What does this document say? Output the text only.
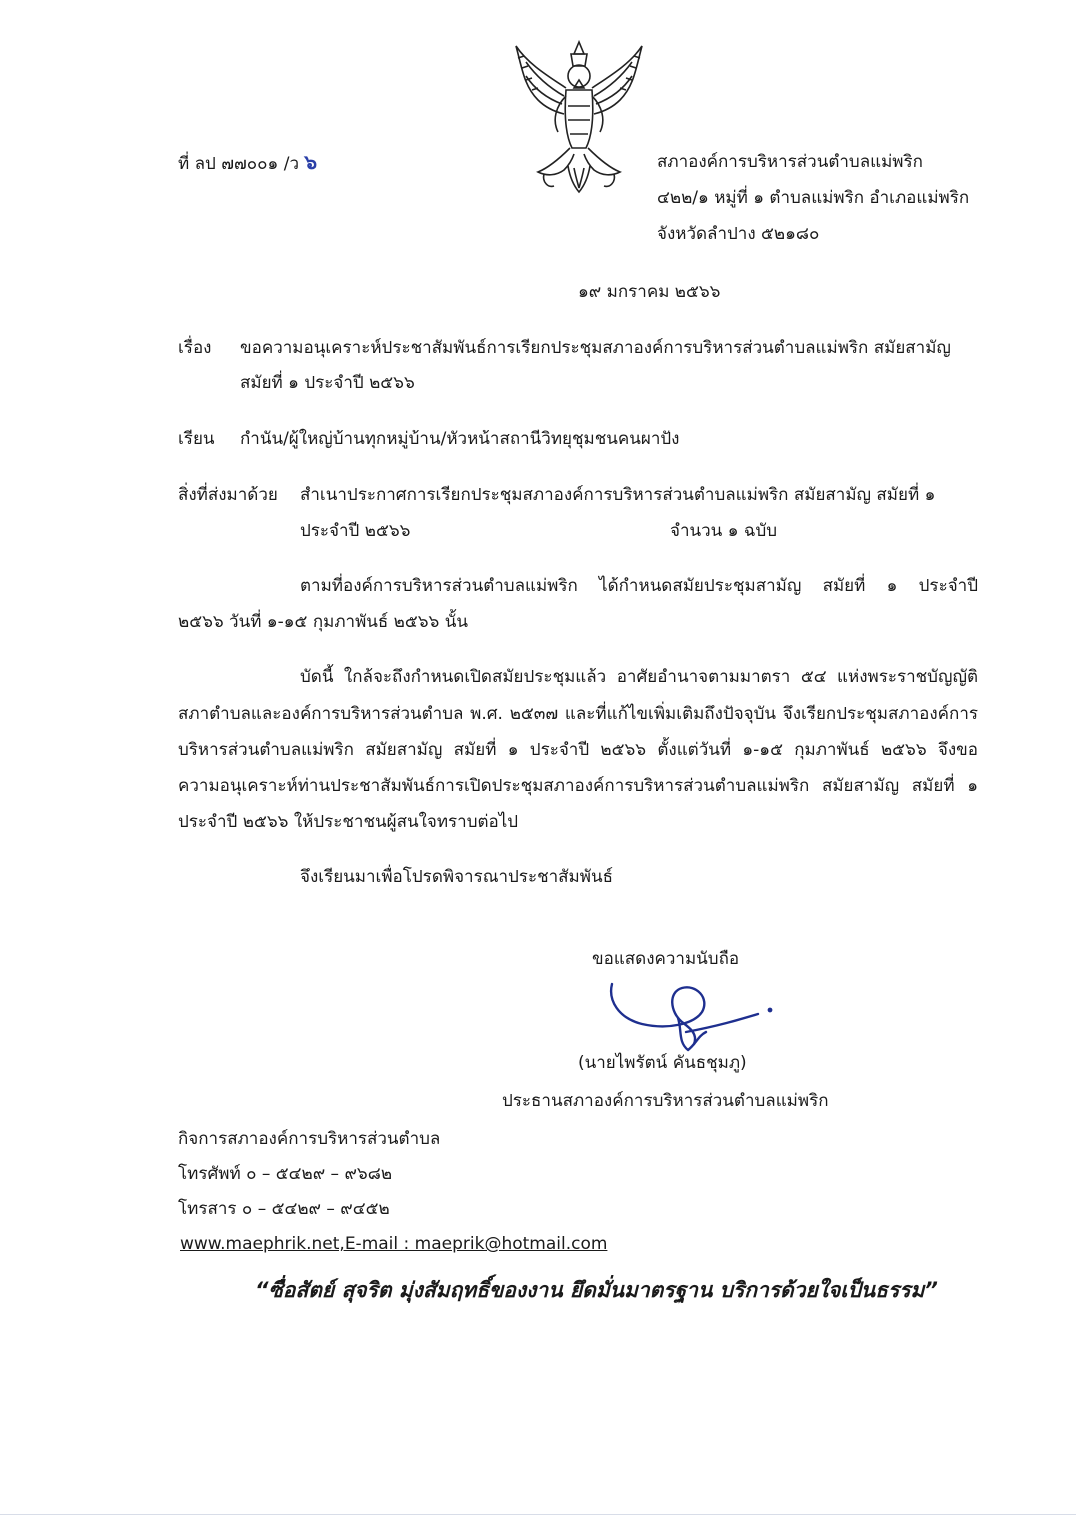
ที่ ลป ๗๗๐๐๑ /ว ๖	สภาองค์การบริหารส่วนตำบลแม่พริก
๔๒๒/๑ หมู่ที่ ๑ ตำบลแม่พริก อำเภอแม่พริก
จังหวัดลำปาง ๕๒๑๘๐
๑๙ มกราคม ๒๕๖๖
เรื่อง ขอความอนุเคราะห์ประชาสัมพันธ์การเรียกประชุมสภาองค์การบริหารส่วนตำบลแม่พริก สมัยสามัญ
สมัยที่ ๑ ประจำปี ๒๕๖๖
เรียน กำนัน/ผู้ใหญ่บ้านทุกหมู่บ้าน/หัวหน้าสถานีวิทยุชุมชนคนผาปัง
สิ่งที่ส่งมาด้วย สำเนาประกาศการเรียกประชุมสภาองค์การบริหารส่วนตำบลแม่พริก สมัยสามัญ สมัยที่ ๑
ประจำปี ๒๕๖๖	จำนวน ๑ ฉบับ
ตามที่องค์การบริหารส่วนตำบลแม่พริก ได้กำหนดสมัยประชุมสามัญ สมัยที่ ๑ ประจำปี
๒๕๖๖ วันที่ ๑-๑๕ กุมภาพันธ์ ๒๕๖๖ นั้น
บัดนี้ ใกล้จะถึงกำหนดเปิดสมัยประชุมแล้ว อาศัยอำนาจตามมาตรา ๕๔ แห่งพระราชบัญญัติ
สภาตำบลและองค์การบริหารส่วนตำบล พ.ศ. ๒๕๓๗ และที่แก้ไขเพิ่มเติมถึงปัจจุบัน จึงเรียกประชุมสภาองค์การ
บริหารส่วนตำบลแม่พริก สมัยสามัญ สมัยที่ ๑ ประจำปี ๒๕๖๖ ตั้งแต่วันที่ ๑-๑๕ กุมภาพันธ์ ๒๕๖๖ จึงขอ
ความอนุเคราะห์ท่านประชาสัมพันธ์การเปิดประชุมสภาองค์การบริหารส่วนตำบลแม่พริก สมัยสามัญ สมัยที่ ๑
ประจำปี ๒๕๖๖ ให้ประชาชนผู้สนใจทราบต่อไป
จึงเรียนมาเพื่อโปรดพิจารณาประชาสัมพันธ์
ขอแสดงความนับถือ
(นายไพรัตน์ คันธชุมภู)
ประธานสภาองค์การบริหารส่วนตำบลแม่พริก
กิจการสภาองค์การบริหารส่วนตำบล
โทรศัพท์ ๐ – ๕๔๒๙ – ๙๖๘๒
โทรสาร ๐ – ๕๔๒๙ – ๙๔๕๒
www.maephrik.net,E-mail : maeprik@hotmail.com
“ซื่อสัตย์ สุจริต มุ่งสัมฤทธิ์ของงาน ยึดมั่นมาตรฐาน บริการด้วยใจเป็นธรรม”
